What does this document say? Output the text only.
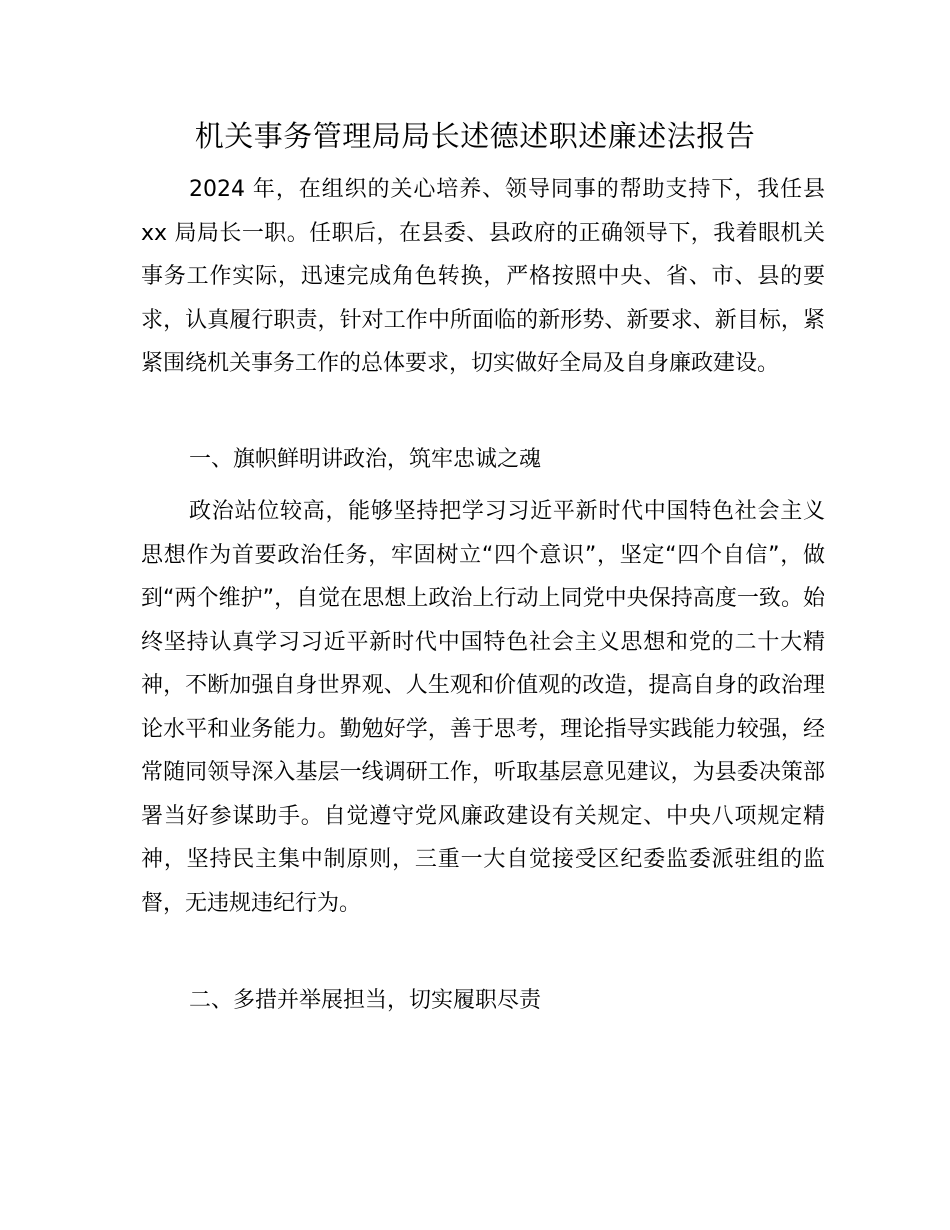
机关事务管理局局长述德述职述廉述法报告

2024 年，在组织的关心培养、领导同事的帮助支持下，我任县 xx 局局长一职。任职后，在县委、县政府的正确领导下，我着眼机关事务工作实际，迅速完成角色转换，严格按照中央、省、市、县的要求，认真履行职责，针对工作中所面临的新形势、新要求、新目标，紧紧围绕机关事务工作的总体要求，切实做好全局及自身廉政建设。

一、旗帜鲜明讲政治，筑牢忠诚之魂

政治站位较高，能够坚持把学习习近平新时代中国特色社会主义思想作为首要政治任务，牢固树立“四个意识”，坚定“四个自信”，做到“两个维护”，自觉在思想上政治上行动上同党中央保持高度一致。始终坚持认真学习习近平新时代中国特色社会主义思想和党的二十大精神，不断加强自身世界观、人生观和价值观的改造，提高自身的政治理论水平和业务能力。勤勉好学，善于思考，理论指导实践能力较强，经常随同领导深入基层一线调研工作，听取基层意见建议，为县委决策部署当好参谋助手。自觉遵守党风廉政建设有关规定、中央八项规定精神，坚持民主集中制原则，三重一大自觉接受区纪委监委派驻组的监督，无违规违纪行为。

二、多措并举展担当，切实履职尽责
